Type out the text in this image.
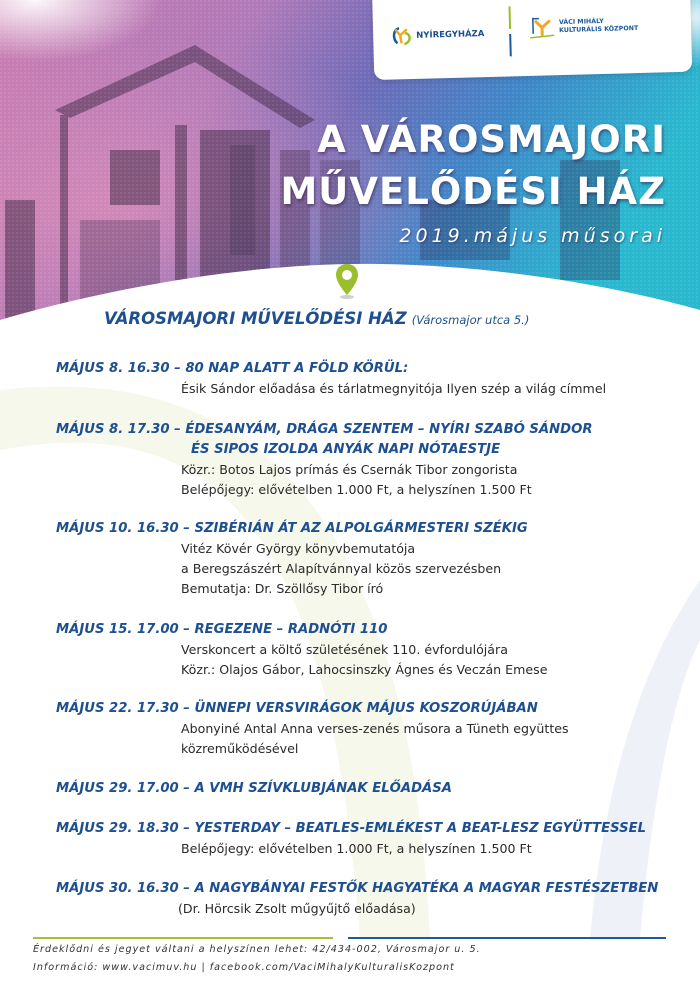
NYÍREGYHÁZA
VÁCI MIHÁLY
KULTURÁLIS KÖZPONT
A VÁROSMAJORI
MŰVELŐDÉSI HÁZ
2019.május műsorai
VÁROSMAJORI MŰVELŐDÉSI HÁZ (Városmajor utca 5.)
MÁJUS 8. 16.30 – 80 NAP ALATT A FÖLD KÖRÜL:
Ésik Sándor előadása és tárlatmegnyitója Ilyen szép a világ címmel
MÁJUS 8. 17.30 – ÉDESANYÁM, DRÁGA SZENTEM – NYÍRI SZABÓ SÁNDOR
ÉS SIPOS IZOLDA ANYÁK NAPI NÓTAESTJE
Közr.: Botos Lajos prímás és Csernák Tibor zongorista
Belépőjegy: elővételben 1.000 Ft, a helyszínen 1.500 Ft
MÁJUS 10. 16.30 – SZIBÉRIÁN ÁT AZ ALPOLGÁRMESTERI SZÉKIG
Vitéz Kövér György könyvbemutatója
a Beregszászért Alapítvánnyal közös szervezésben
Bemutatja: Dr. Szöllősy Tibor író
MÁJUS 15. 17.00 – REGEZENE – RADNÓTI 110
Verskoncert a költő születésének 110. évfordulójára
Közr.: Olajos Gábor, Lahocsinszky Ágnes és Veczán Emese
MÁJUS 22. 17.30 – ÜNNEPI VERSVIRÁGOK MÁJUS KOSZORÚJÁBAN
Abonyiné Antal Anna verses-zenés műsora a Tüneth együttes
közreműködésével
MÁJUS 29. 17.00 – A VMH SZÍVKLUBJÁNAK ELŐADÁSA
MÁJUS 29. 18.30 – YESTERDAY – BEATLES-EMLÉKEST A BEAT-LESZ EGYÜTTESSEL
Belépőjegy: elővételben 1.000 Ft, a helyszínen 1.500 Ft
MÁJUS 30. 16.30 – A NAGYBÁNYAI FESTŐK HAGYATÉKA A MAGYAR FESTÉSZETBEN
(Dr. Hörcsik Zsolt műgyűjtő előadása)
Érdeklődni és jegyet váltani a helyszínen lehet: 42/434-002, Városmajor u. 5.
Információ: www.vacimuv.hu | facebook.com/VaciMihalyKulturalisKozpont
